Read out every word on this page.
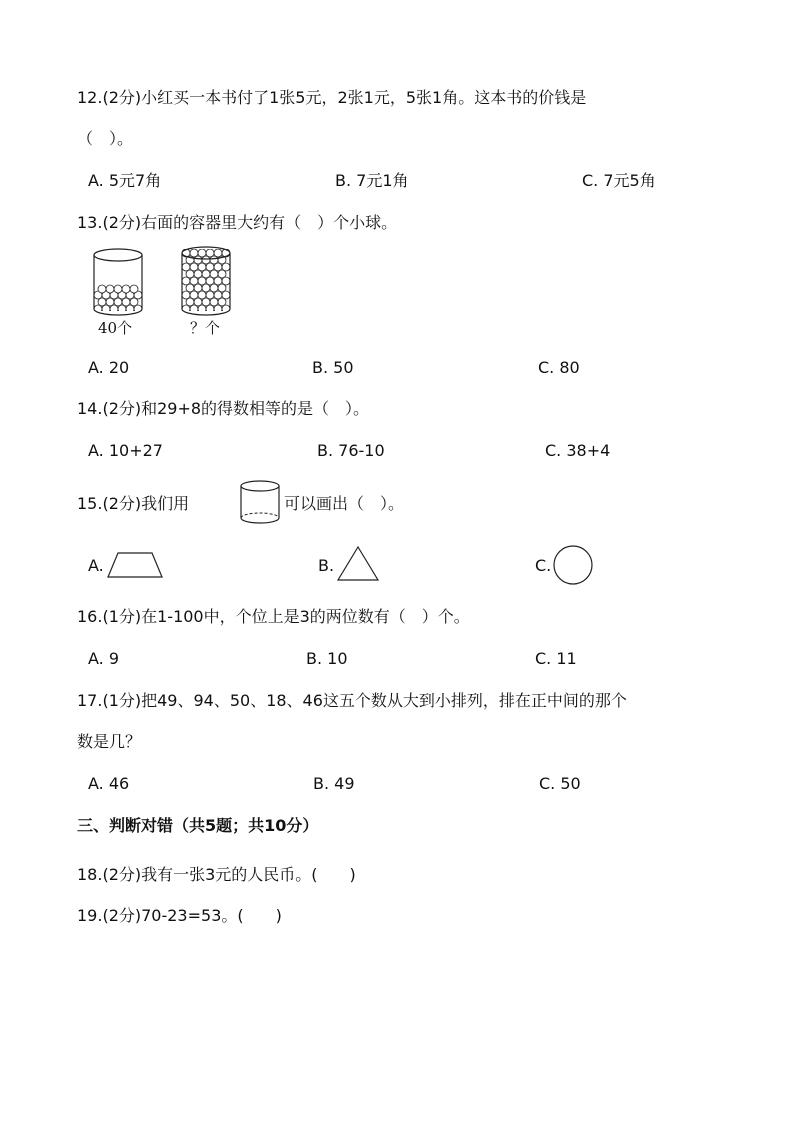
12.(2分)小红买一本书付了1张5元，2张1元，5张1角。这本书的价钱是
（　）。
A. 5元7角	B. 7元1角	C. 7元5角
13.(2分)右面的容器里大约有（　）个小球。
40个	？个
A. 20	B. 50	C. 80
14.(2分)和29+8的得数相等的是（　）。
A. 10+27	B. 76-10	C. 38+4
15.(2分)我们用	可以画出（　）。
A.	B.	C.
16.(1分)在1-100中，个位上是3的两位数有（　）个。
A. 9	B. 10	C. 11
17.(1分)把49、94、50、18、46这五个数从大到小排列，排在正中间的那个
数是几？
A. 46	B. 49	C. 50
三、判断对错（共5题；共10分）
18.(2分)我有一张3元的人民币。(　　)
19.(2分)70-23=53。(　　)
